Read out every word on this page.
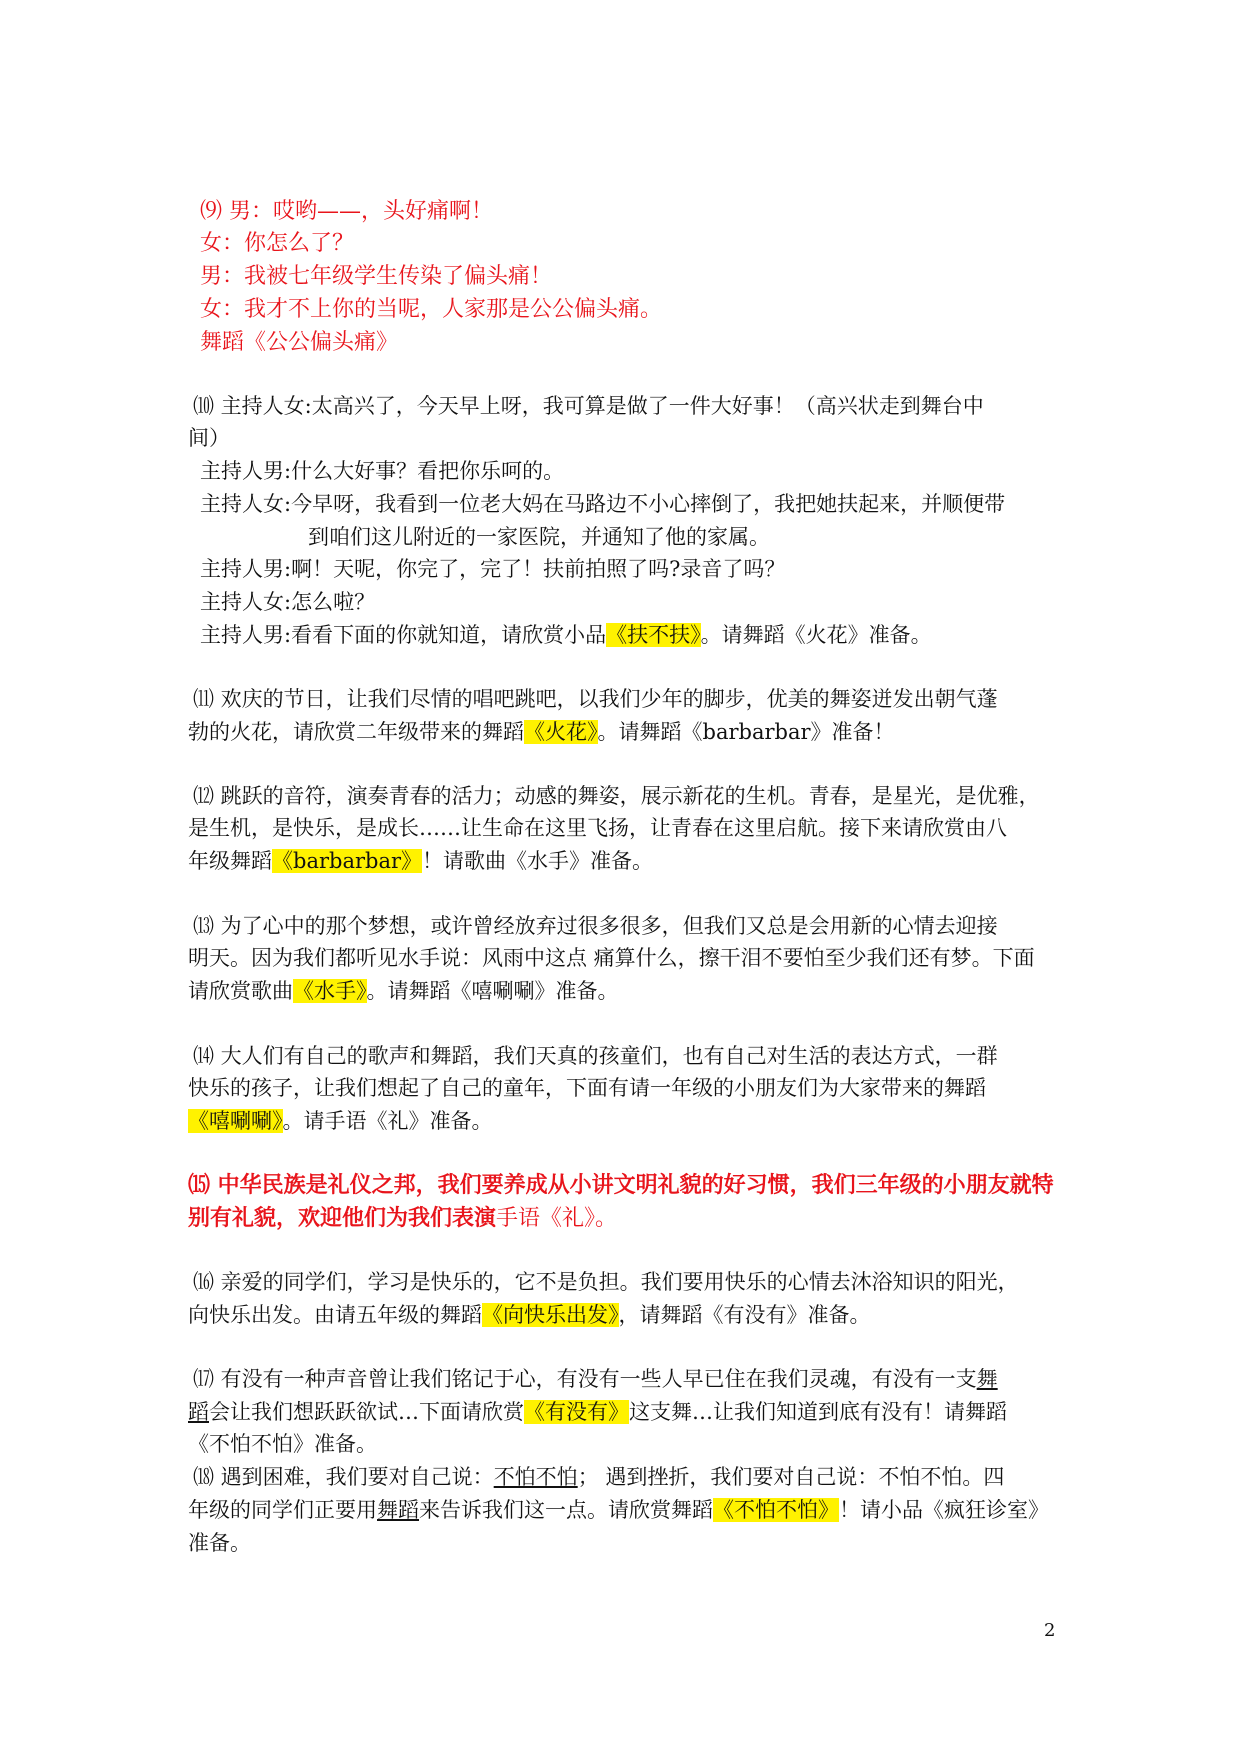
⑼ 男：哎哟——，头好痛啊！
女：你怎么了？
男：我被七年级学生传染了偏头痛！
女：我才不上你的当呢，人家那是公公偏头痛。
舞蹈《公公偏头痛》
⑽ 主持人女:太高兴了，今天早上呀，我可算是做了一件大好事！（高兴状走到舞台中
间）
主持人男:什么大好事？看把你乐呵的。
主持人女:今早呀，我看到一位老大妈在马路边不小心摔倒了，我把她扶起来，并顺便带
到咱们这儿附近的一家医院，并通知了他的家属。
主持人男:啊！天呢，你完了，完了！扶前拍照了吗?录音了吗？
主持人女:怎么啦？
主持人男:看看下面的你就知道，请欣赏小品《扶不扶》。请舞蹈《火花》准备。
⑾ 欢庆的节日，让我们尽情的唱吧跳吧，以我们少年的脚步，优美的舞姿迸发出朝气蓬
勃的火花，请欣赏二年级带来的舞蹈《火花》。请舞蹈《barbarbar》准备！
⑿ 跳跃的音符，演奏青春的活力；动感的舞姿，展示新花的生机。青春，是星光，是优雅，
是生机，是快乐，是成长……让生命在这里飞扬，让青春在这里启航。接下来请欣赏由八
年级舞蹈《barbarbar》！请歌曲《水手》准备。
⒀ 为了心中的那个梦想，或许曾经放弃过很多很多，但我们又总是会用新的心情去迎接
明天。因为我们都听见水手说：风雨中这点 痛算什么，擦干泪不要怕至少我们还有梦。下面
请欣赏歌曲《水手》。请舞蹈《嘻唰唰》准备。
⒁ 大人们有自己的歌声和舞蹈，我们天真的孩童们，也有自己对生活的表达方式，一群
快乐的孩子，让我们想起了自己的童年，下面有请一年级的小朋友们为大家带来的舞蹈
《嘻唰唰》。请手语《礼》准备。
⒂ 中华民族是礼仪之邦，我们要养成从小讲文明礼貌的好习惯，我们三年级的小朋友就特
别有礼貌，欢迎他们为我们表演手语《礼》。
⒃ 亲爱的同学们，学习是快乐的，它不是负担。我们要用快乐的心情去沐浴知识的阳光，
向快乐出发。由请五年级的舞蹈《向快乐出发》，请舞蹈《有没有》准备。
⒄ 有没有一种声音曾让我们铭记于心，有没有一些人早已住在我们灵魂，有没有一支舞
蹈会让我们想跃跃欲试…下面请欣赏《有没有》这支舞…让我们知道到底有没有！请舞蹈
《不怕不怕》准备。
⒅ 遇到困难，我们要对自己说：不怕不怕； 遇到挫折，我们要对自己说：不怕不怕。四
年级的同学们正要用舞蹈来告诉我们这一点。请欣赏舞蹈《不怕不怕》！请小品《疯狂诊室》
准备。
2
